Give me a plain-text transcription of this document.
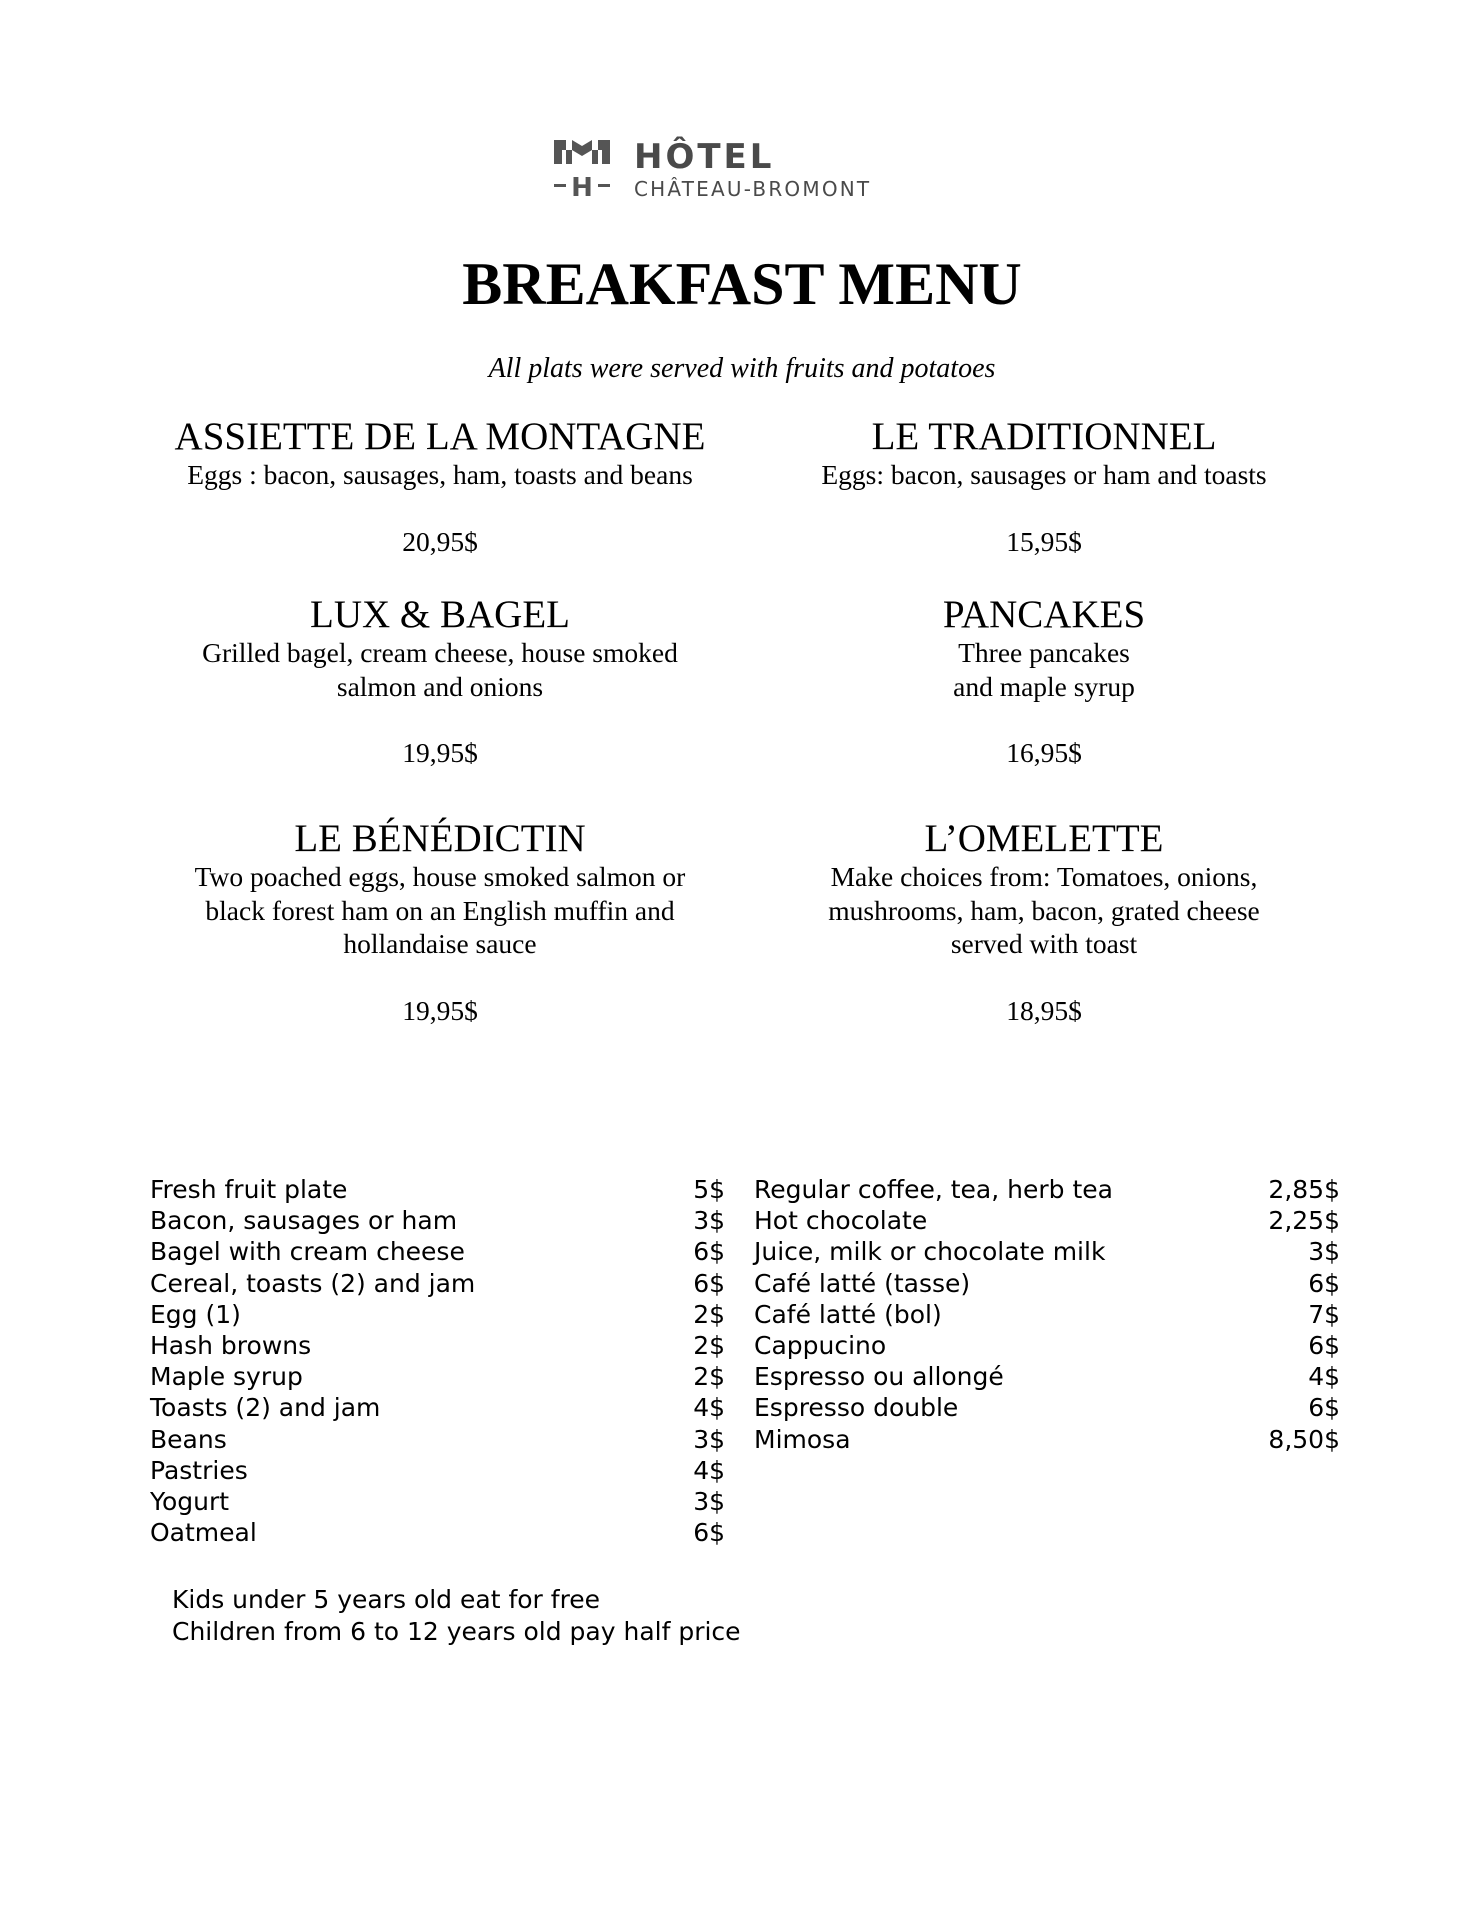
H
HÔTEL
CHÂTEAU-BROMONT
BREAKFAST MENU
All plats were served with fruits and potatoes
ASSIETTE DE LA MONTAGNE
Eggs : bacon, sausages, ham, toasts and beans
20,95$
LE TRADITIONNEL
Eggs: bacon, sausages or ham and toasts
15,95$
LUX & BAGEL
Grilled bagel, cream cheese, house smoked
salmon and onions
19,95$
PANCAKES
Three pancakes
and maple syrup
16,95$
LE BÉNÉDICTIN
Two poached eggs, house smoked salmon or
black forest ham on an English muffin and
hollandaise sauce
19,95$
L’OMELETTE
Make choices from: Tomatoes, onions,
mushrooms, ham, bacon, grated cheese
served with toast
18,95$
Fresh fruit plate	5$
Bacon, sausages or ham	3$
Bagel with cream cheese	6$
Cereal, toasts (2) and jam	6$
Egg (1)	2$
Hash browns	2$
Maple syrup	2$
Toasts (2) and jam	4$
Beans	3$
Pastries	4$
Yogurt	3$
Oatmeal	6$
Regular coffee, tea, herb tea	2,85$
Hot chocolate	2,25$
Juice, milk or chocolate milk	3$
Café latté (tasse)	6$
Café latté (bol)	7$
Cappucino	6$
Espresso ou allongé	4$
Espresso double	6$
Mimosa	8,50$
Kids under 5 years old eat for free
Children from 6 to 12 years old pay half price
